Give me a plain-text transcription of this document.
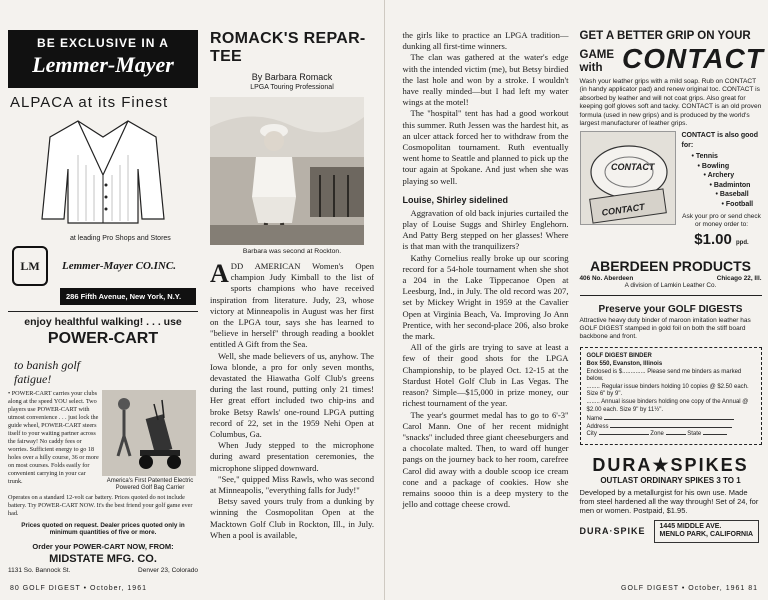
BE EXCLUSIVE IN A
Lemmer-Mayer
ALPACA at its Finest
at leading Pro Shops and Stores
LM	Lemmer-Mayer CO.INC.
286 Fifth Avenue, New York, N.Y.
enjoy healthful walking! . . . use
POWER-CART
to banish golf
fatigue!
• POWER-CART carries your clubs along at the speed YOU select. Two players use POWER-CART with utmost convenience . . . just lock the guide wheel, POWER-CART steers itself to your waiting partner across the fairway! No caddy fees or worries. Sufficient energy to go 18 holes over a hilly course, 36 or more on most courses. Folds easily for convenient carrying in your car trunk.	America's First Patented Electric Powered Golf Bag Carrier
Operates on a standard 12-volt car battery. Prices quoted do not include battery. Try POWER-CART NOW. It's the best friend your golf game ever had.
Prices quoted on request. Dealer prices quoted only in minimum quantities of five or more.
Order your POWER-CART NOW, FROM:
MIDSTATE MFG. CO.
1131 So. Bannock St.	Denver 23, Colorado
ROMACK'S REPAR-TEE
By Barbara Romack
LPGA Touring Professional
Barbara was second at Rockton.

ADD AMERICAN Women's Open champion Judy Kimball to the list of sports champions who have received inspiration from literature. Judy, 23, whose victory at Minneapolis in August was her first on the LPGA tour, says she has learned to "believe in herself" through reading a booklet entitled A Gift from the Sea.

Well, she made believers of us, anyhow. The Iowa blonde, a pro for only seven months, devastated the Hiawatha Golf Club's greens during the last round, putting only 21 times! Her great effort included two chip-ins and broke Betsy Rawls' one-round LPGA putting record of 22, set in the 1959 Nehi Open at Columbus, Ga.

When Judy stepped to the microphone during award presentation ceremonies, the microphone slipped downward.

"See," quipped Miss Rawls, who was second at Minneapolis, "everything falls for Judy!"

Betsy saved yours truly from a dunking by winning the Cosmopolitan Open at the Macktown Golf Club in Rockton, Ill., in July. When a pool is available,

80 GOLF DIGEST • October, 1961

the girls like to practice an LPGA tradition—dunking all first-time winners.

The clan was gathered at the water's edge with the intended victim (me), but Betsy birdied the last hole and won by a stroke. I wouldn't have really minded—but I had left my water wings at the motel!

The "hospital" tent has had a good workout this summer. Ruth Jessen was the hardest hit, as an ulcer attack forced her to withdraw from the Cosmopolitan tournament. Ruth eventually went home to Seattle and planned to pick up the tour again at Spokane. And just when she was playing so well.

Louise, Shirley sidelined

Aggravation of old back injuries curtailed the play of Louise Suggs and Shirley Englehorn. And Patty Berg stepped on her glasses! Where is that man with the tranquilizers?

Kathy Cornelius really broke up our scoring record for a 54-hole tournament when she shot a 204 in the Lake Tippecanoe Open at Leesburg, Ind., in July. The old record was 207, set by Mickey Wright in 1959 at the Cavalier Open at Virginia Beach, Va. Improving Jo Ann Prentice, with her second-place 206, also broke the mark.

All of the girls are trying to save at least a few of their good shots for the LPGA Championship, to be played Oct. 12-15 at the Stardust Hotel Golf Club in Las Vegas. The reason? Simple—$15,000 in prize money, our richest tournament of the year.

The year's gourmet medal has to go to 6'-3" Carol Mann. One of her recent midnight "snacks" included three giant cheeseburgers and a chocolate malted. Then, to ward off hunger pangs on the journey back to her room, carefree Carol did away with a double scoop ice cream cone and a package of cookies. How she remains soooo thin is a deep mystery to the jello and cottage cheese crowd.

GET A BETTER GRIP ON YOUR
GAME
with CONTACT
Wash your leather grips with a mild soap. Rub on CONTACT (in handy applicator pad) and renew original toc. CONTACT is absorbed by leather and will not coat grips. Also great for keeping golf gloves soft and tacky. CONTACT is an old proven formula (used in new grips) and is produced by the world's largest manufacturer of leather grips.
CONTACT
CONTACT
CONTACT is also good for:
• Tennis
• Bowling
• Archery
• Badminton
• Baseball
• Football
Ask your pro or send check or money order to:
$1.00 ppd.
ABERDEEN PRODUCTS
406 No. Aberdeen	Chicago 22, Ill.
A division of Lamkin Leather Co.
Preserve your GOLF DIGESTS
Attractive heavy duty binder of maroon imitation leather has GOLF DIGEST stamped in gold foil on both the stiff board backbone and front.
GOLF DIGEST BINDER
Box 550, Evanston, Illinois
Enclosed is $.............. Please send me binders as marked below.
........ Regular issue binders holding 10 copies @ $2.50 each. Size 6" by 9".
........ Annual issue binders holding one copy of the Annual @ $2.00 each. Size 9" by 11½".
Name
Address
City	Zone	State
DURA★SPIKES
OUTLAST ORDINARY SPIKES 3 TO 1
Developed by a metallurgist for his own use. Made from steel hardened all the way through! Set of 24, for men or women. Postpaid, $1.95.
DURA·SPIKE 1445 MIDDLE AVE.
MENLO PARK, CALIFORNIA
GOLF DIGEST • October, 1961 81
